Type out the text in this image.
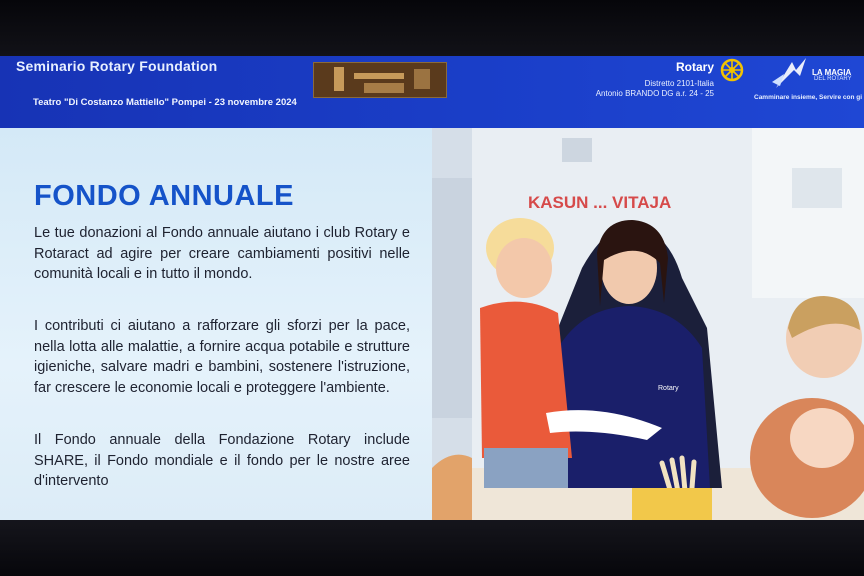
Seminario Rotary Foundation
Teatro "Di Costanzo Mattiello" Pompei - 23 novembre 2024
Rotary
Distretto 2101-Italia
Antonio BRANDO DG a.r. 24 - 25
LA MAGIA
DEL ROTARY
Camminare insieme, Servire con gi
FONDO ANNUALE

Le tue donazioni al Fondo annuale aiutano i club Rotary e Rotaract ad agire per creare cambiamenti positivi nelle comunità locali e in tutto il mondo.

I contributi ci aiutano a rafforzare gli sforzi per la pace, nella lotta alle malattie, a fornire acqua potabile e strutture igieniche, salvare madri e bambini, sostenere l'istruzione, far crescere le economie locali e proteggere l'ambiente.

Il Fondo annuale della Fondazione Rotary include SHARE, il Fondo mondiale e il fondo per le nostre aree d'intervento

KASUN ... VITAJA
Rotary
